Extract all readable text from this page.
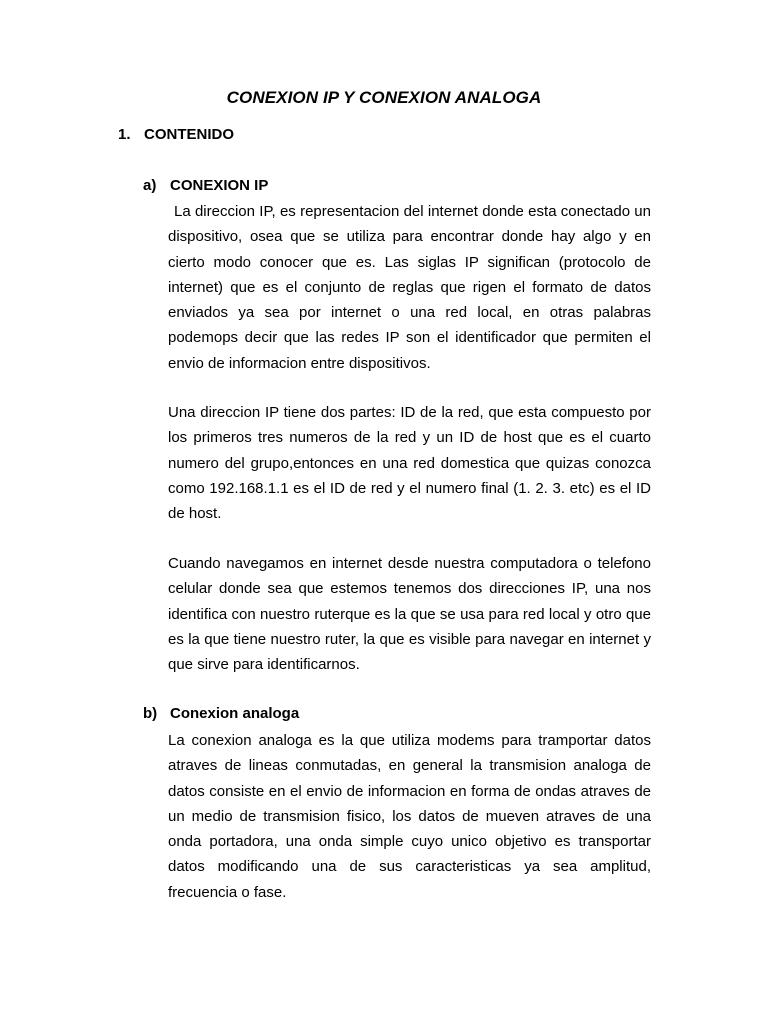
CONEXION IP Y CONEXION ANALOGA
1. CONTENIDO
a) CONEXION IP

La direccion IP, es representacion del internet donde esta conectado un dispositivo, osea que se utiliza para encontrar donde hay algo y en cierto modo conocer que es. Las siglas IP significan (protocolo de internet) que es el conjunto de reglas que rigen el formato de datos enviados ya sea por internet o una red local, en otras palabras podemops decir que las redes IP son el identificador que permiten el envio de informacion entre dispositivos.

Una direccion IP tiene dos partes: ID de la red, que esta compuesto por los primeros tres numeros de la red y un ID de host que es el cuarto numero del grupo,entonces en una red domestica que quizas conozca como 192.168.1.1 es el ID de red y el numero final (1. 2. 3. etc) es el ID de host.

Cuando navegamos en internet desde nuestra computadora o telefono celular donde sea que estemos tenemos dos direcciones IP, una nos identifica con nuestro ruterque es la que se usa para red local y otro que es la que tiene nuestro ruter, la que es visible para navegar en internet y que sirve para identificarnos.

b) Conexion analoga

La conexion analoga es la que utiliza modems para tramportar datos atraves de lineas conmutadas, en general la transmision analoga de datos consiste en el envio de informacion en forma de ondas atraves de un medio de transmision fisico, los datos de mueven atraves de una onda portadora, una onda simple cuyo unico objetivo es transportar datos modificando una de sus caracteristicas ya sea amplitud, frecuencia o fase.
